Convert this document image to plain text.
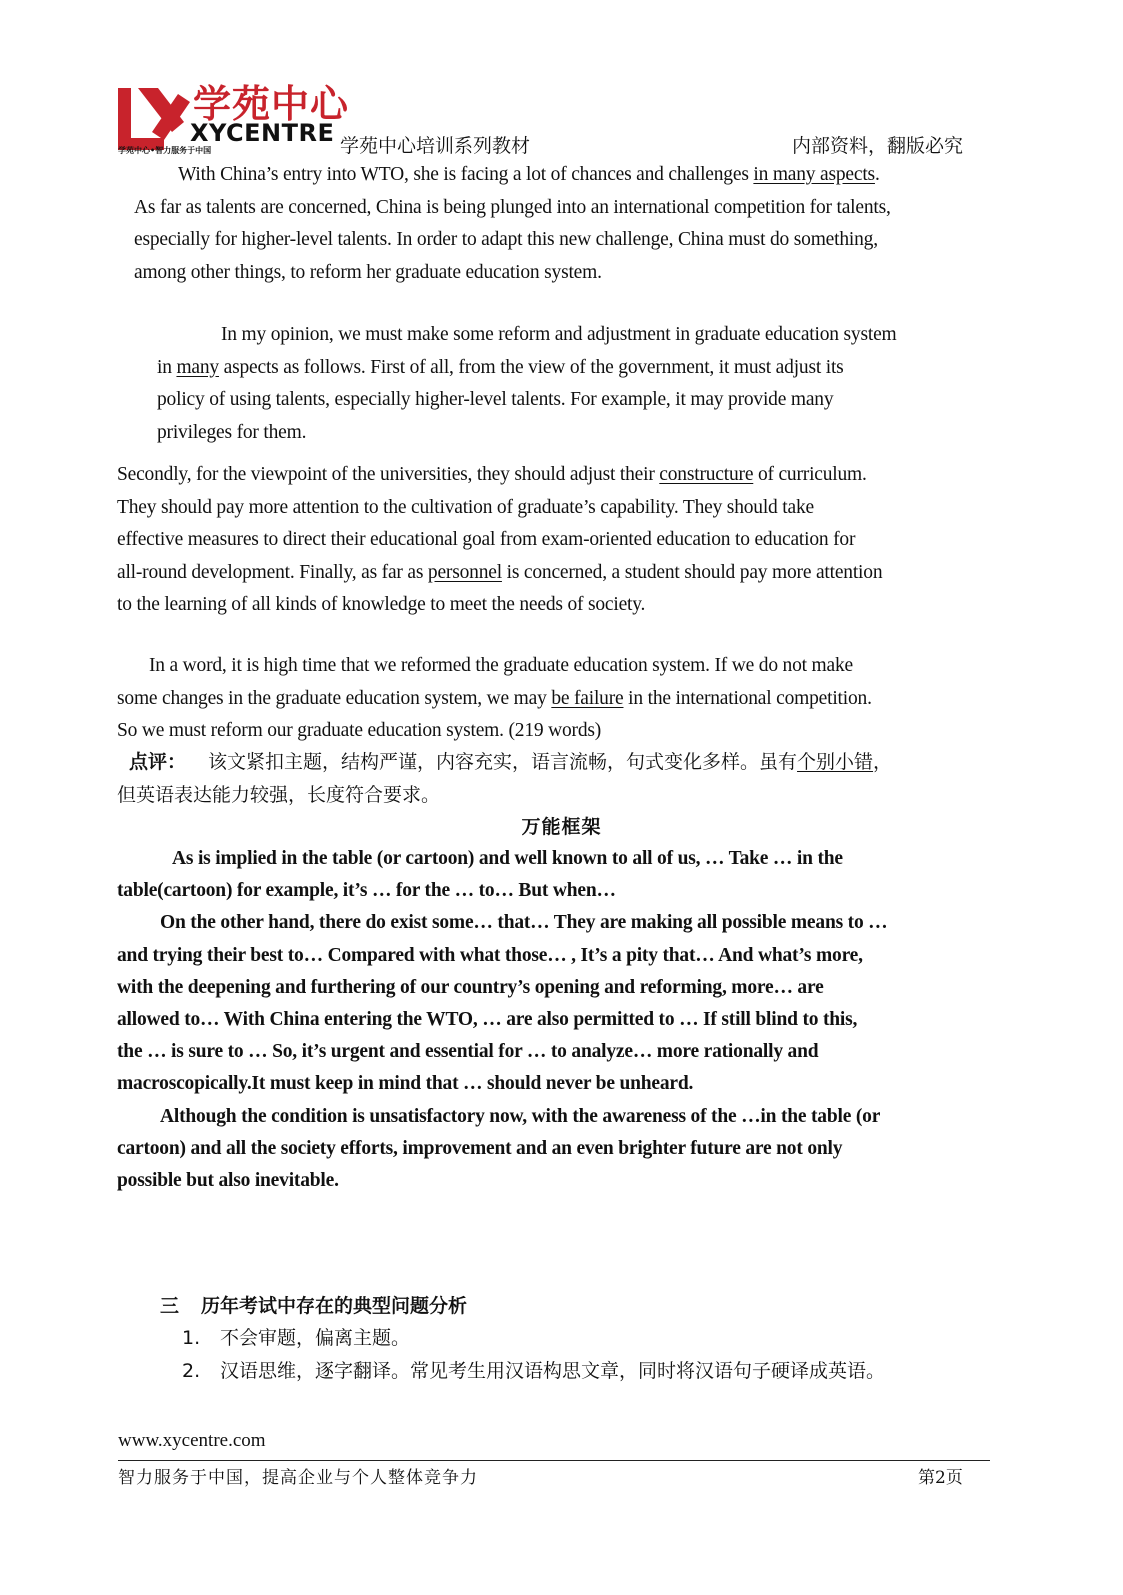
学苑中心
XYCENTRE
学苑中心•智力服务于中国	学苑中心培训系列教材	内部资料，翻版必究
With China’s entry into WTO, she is facing a lot of chances and challenges in many aspects.
As far as talents are concerned, China is being plunged into an international competition for talents,
especially for higher-level talents. In order to adapt this new challenge, China must do something,
among other things, to reform her graduate education system.
In my opinion, we must make some reform and adjustment in graduate education system
in many aspects as follows. First of all, from the view of the government, it must adjust its
policy of using talents, especially higher-level talents. For example, it may provide many
privileges for them.
Secondly, for the viewpoint of the universities, they should adjust their constructure of curriculum.
They should pay more attention to the cultivation of graduate’s capability. They should take
effective measures to direct their educational goal from exam-oriented education to education for
all-round development. Finally, as far as personnel is concerned, a student should pay more attention
to the learning of all kinds of knowledge to meet the needs of society.
In a word, it is high time that we reformed the graduate education system. If we do not make
some changes in the graduate education system, we may be failure in the international competition.
So we must reform our graduate education system. (219 words)
点评： 该文紧扣主题，结构严谨，内容充实，语言流畅，句式变化多样。虽有个别小错，
但英语表达能力较强，长度符合要求。
万能框架
As is implied in the table (or cartoon) and well known to all of us, … Take … in the
table(cartoon) for example, it’s … for the … to… But when…
On the other hand, there do exist some… that… They are making all possible means to …
and trying their best to… Compared with what those… , It’s a pity that… And what’s more,
with the deepening and furthering of our country’s opening and reforming, more… are
allowed to… With China entering the WTO, … are also permitted to … If still blind to this,
the … is sure to … So, it’s urgent and essential for … to analyze… more rationally and
macroscopically.It must keep in mind that … should never be unheard.
Although the condition is unsatisfactory now, with the awareness of the …in the table (or
cartoon) and all the society efforts, improvement and an even brighter future are not only
possible but also inevitable.
三 历年考试中存在的典型问题分析
1. 不会审题，偏离主题。
2. 汉语思维，逐字翻译。常见考生用汉语构思文章，同时将汉语句子硬译成英语。
www.xycentre.com
智力服务于中国，提高企业与个人整体竞争力	第2页
